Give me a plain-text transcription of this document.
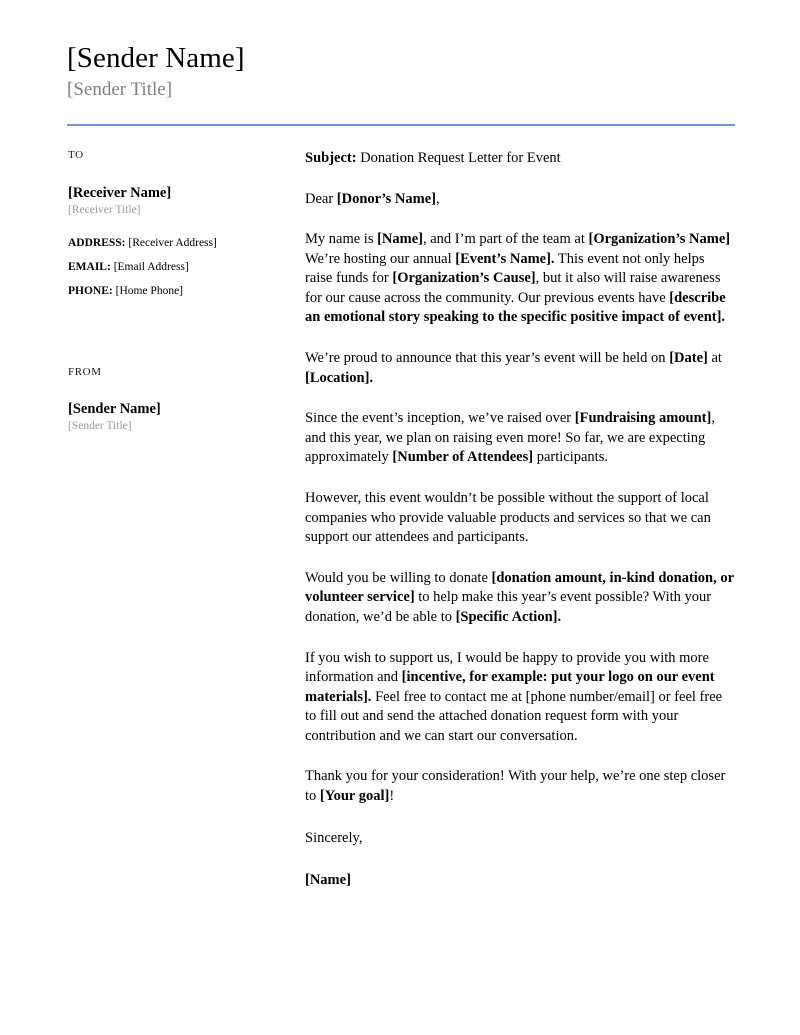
[Sender Name]
[Sender Title]
TO
[Receiver Name]
[Receiver Title]
ADDRESS: [Receiver Address]
EMAIL: [Email Address]
PHONE: [Home Phone]
FROM
[Sender Name]
[Sender Title]
Subject: Donation Request Letter for Event
Dear [Donor’s Name],

My name is [Name], and I’m part of the team at [Organization’s Name] We’re hosting our annual [Event’s Name]. This event not only helps raise funds for [Organization’s Cause], but it also will raise awareness for our cause across the community. Our previous events have [describe an emotional story speaking to the specific positive impact of event].

We’re proud to announce that this year’s event will be held on [Date] at [Location].

Since the event’s inception, we’ve raised over [Fundraising amount], and this year, we plan on raising even more! So far, we are expecting approximately [Number of Attendees] participants.

However, this event wouldn’t be possible without the support of local companies who provide valuable products and services so that we can support our attendees and participants.

Would you be willing to donate [donation amount, in-kind donation, or volunteer service] to help make this year’s event possible? With your donation, we’d be able to [Specific Action].

If you wish to support us, I would be happy to provide you with more information and [incentive, for example: put your logo on our event materials]. Feel free to contact me at [phone number/email] or feel free to fill out and send the attached donation request form with your contribution and we can start our conversation.

Thank you for your consideration! With your help, we’re one step closer to [Your goal]!

Sincerely,
[Name]
